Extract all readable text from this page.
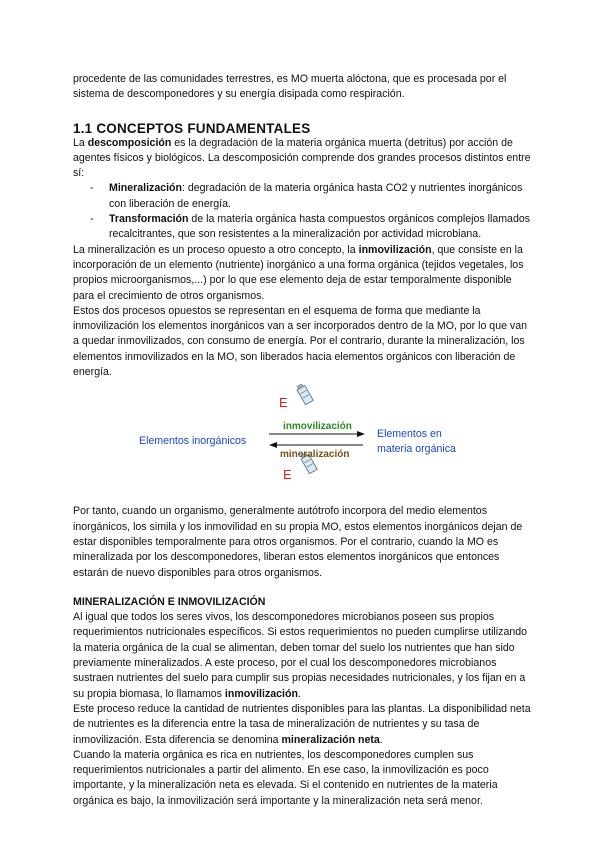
procedente de las comunidades terrestres, es MO muerta alóctona, que es procesada por el sistema de descomponedores y su energía disipada como respiración.

1.1 CONCEPTOS FUNDAMENTALES

La descomposición es la degradación de la materia orgánica muerta (detritus) por acción de agentes físicos y biológicos. La descomposición comprende dos grandes procesos distintos entre sí:

- Mineralización: degradación de la materia orgánica hasta CO2 y nutrientes inorgánicos con liberación de energía.
- Transformación de la materia orgánica hasta compuestos orgánicos complejos llamados recalcitrantes, que son resistentes a la mineralización por actividad microbiana.

La mineralización es un proceso opuesto a otro concepto, la inmovilización, que consiste en la incorporación de un elemento (nutriente) inorgánico a una forma orgánica (tejidos vegetales, los propios microorganismos,...) por lo que ese elemento deja de estar temporalmente disponible para el crecimiento de otros organismos.

Estos dos procesos opuestos se representan en el esquema de forma que mediante la inmovilización los elementos inorgánicos van a ser incorporados dentro de la MO, por lo que van a quedar inmovilizados, con consumo de energía. Por el contrario, durante la mineralización, los elementos inmovilizados en la MO, son liberados hacia elementos orgánicos con liberación de energía.

E
inmovilización
mineralización
E
Elementos inorgánicos
Elementos en
materia orgánica

Por tanto, cuando un organismo, generalmente autótrofo incorpora del medio elementos inorgánicos, los simila y los inmovilidad en su propia MO, estos elementos inorgánicos dejan de estar disponibles temporalmente para otros organismos. Por el contrario, cuando la MO es mineralizada por los descomponedores, liberan estos elementos inorgánicos que entonces estarán de nuevo disponibles para otros organismos.

MINERALIZACIÓN E INMOVILIZACIÓN

Al igual que todos los seres vivos, los descomponedores microbianos poseen sus propios requerimientos nutricionales específicos. Si estos requerimientos no pueden cumplirse utilizando la materia orgánica de la cual se alimentan, deben tomar del suelo los nutrientes que han sido previamente mineralizados. A este proceso, por el cual los descomponedores microbianos sustraen nutrientes del suelo para cumplir sus propias necesidades nutricionales, y los fijan en a su propia biomasa, lo llamamos inmovilización.

Este proceso reduce la cantidad de nutrientes disponibles para las plantas. La disponibilidad neta de nutrientes es la diferencia entre la tasa de mineralización de nutrientes y su tasa de inmovilización. Esta diferencia se denomina mineralización neta.

Cuando la materia orgánica es rica en nutrientes, los descomponedores cumplen sus requerimientos nutricionales a partir del alimento. En ese caso, la inmovilización es poco importante, y la mineralización neta es elevada. Si el contenido en nutrientes de la materia orgánica es bajo, la inmovilización será importante y la mineralización neta será menor.
